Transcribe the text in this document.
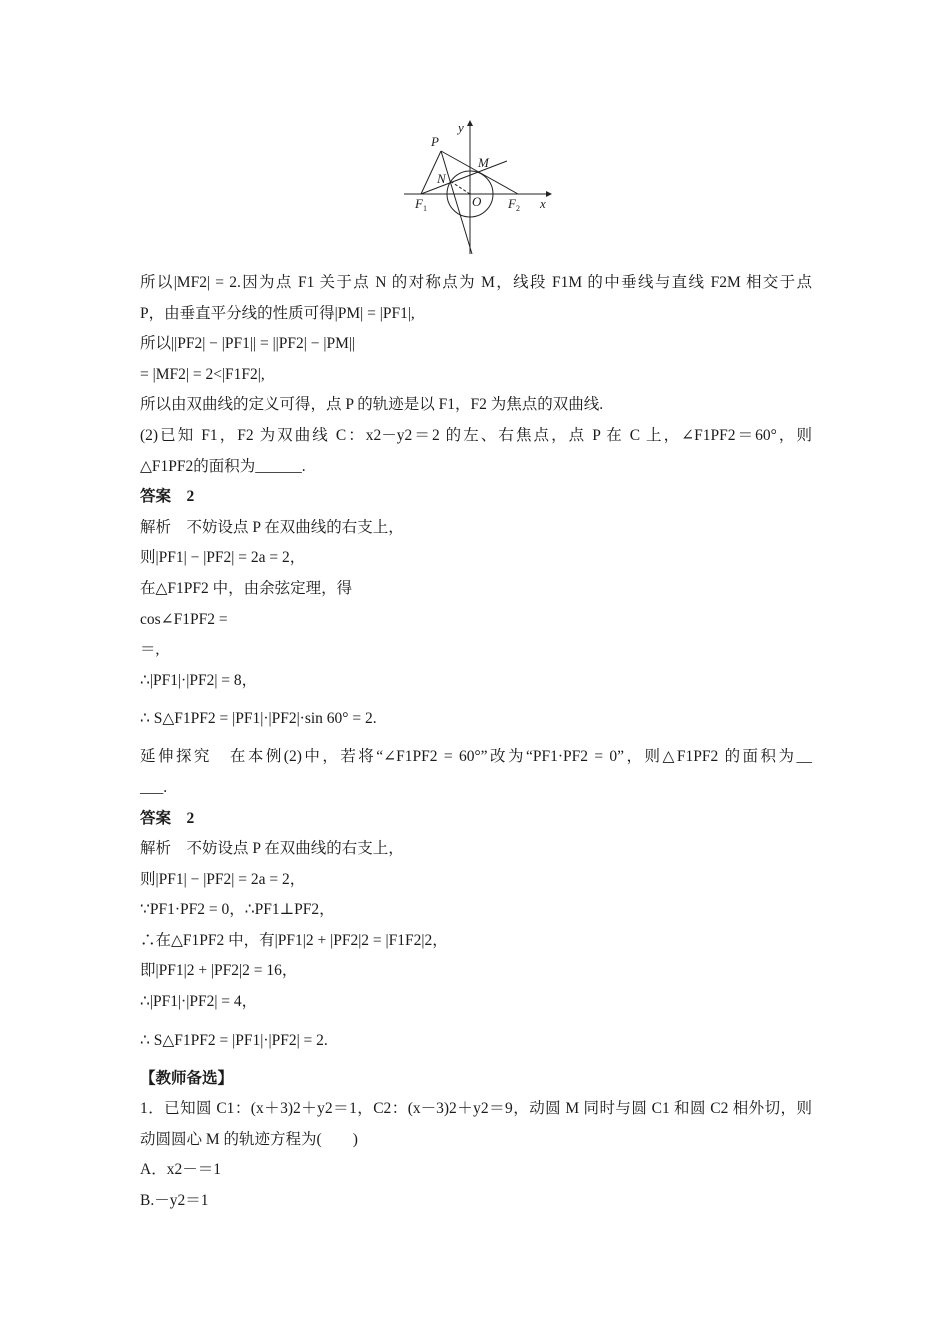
y
x
P
M
N
O
$F_1$	$F_2$
所以|MF2| = 2.因为点 F1 关于点 N 的对称点为 M，线段 F1M 的中垂线与直线 F2M 相交于点
P，由垂直平分线的性质可得|PM| = |PF1|,
所以||PF2| − |PF1|| = ||PF2| − |PM||
= |MF2| = 2<|F1F2|,
所以由双曲线的定义可得，点 P 的轨迹是以 F1，F2 为焦点的双曲线.
(2)已知 F1，F2 为双曲线 C：x2－y2＝2 的左、右焦点，点 P 在 C 上，∠F1PF2＝60°，则
△F1PF2的面积为______.
答案　2
解析　不妨设点 P 在双曲线的右支上，
则|PF1| − |PF2| = 2a = 2，
在△F1PF2 中，由余弦定理，得
cos∠F1PF2 =
＝,
∴|PF1|·|PF2| = 8，
∴ S△F1PF2 = |PF1|·|PF2|·sin 60° = 2.
延伸探究　在本例(2)中，若将“∠F1PF2 = 60°”改为“PF1·PF2 = 0”，则△F1PF2 的面积为__
___.
答案　2
解析　不妨设点 P 在双曲线的右支上，
则|PF1| − |PF2| = 2a = 2，
∵PF1·PF2 = 0，∴PF1⊥PF2，
∴在△F1PF2 中，有|PF1|2 + |PF2|2 = |F1F2|2，
即|PF1|2 + |PF2|2 = 16，
∴|PF1|·|PF2| = 4，
∴ S△F1PF2 = |PF1|·|PF2| = 2.
【教师备选】
1．已知圆 C1：(x＋3)2＋y2＝1，C2：(x－3)2＋y2＝9，动圆 M 同时与圆 C1 和圆 C2 相外切，则
动圆圆心 M 的轨迹方程为(　　)
A．x2－＝1
B.－y2＝1
